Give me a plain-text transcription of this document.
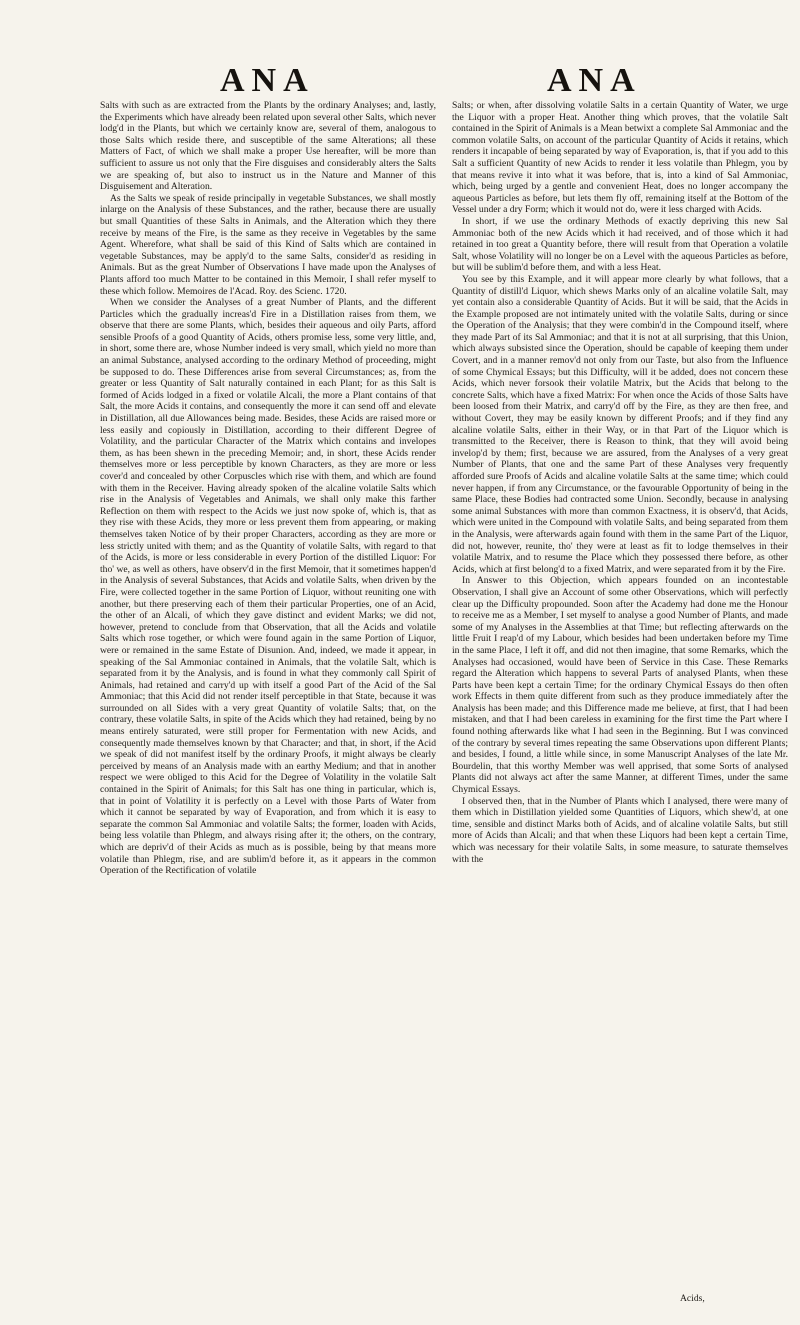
ANA	ANA

Salts with such as are extracted from the Plants by the ordinary Analyses; and, lastly, the Experiments which have already been related upon several other Salts, which never lodg'd in the Plants, but which we certainly know are, several of them, analogous to those Salts which reside there, and susceptible of the same Alterations; all these Matters of Fact, of which we shall make a proper Use hereafter, will be more than sufficient to assure us not only that the Fire disguises and considerably alters the Salts we are speaking of, but also to instruct us in the Nature and Manner of this Disguisement and Alteration.

As the Salts we speak of reside principally in vegetable Substances, we shall mostly inlarge on the Analysis of these Substances, and the rather, because there are usually but small Quantities of these Salts in Animals, and the Alteration which they there receive by means of the Fire, is the same as they receive in Vegetables by the same Agent. Wherefore, what shall be said of this Kind of Salts which are contained in vegetable Substances, may be apply'd to the same Salts, consider'd as residing in Animals. But as the great Number of Observations I have made upon the Analyses of Plants afford too much Matter to be contained in this Memoir, I shall refer myself to these which follow. Memoires de l'Acad. Roy. des Scienc. 1720.

When we consider the Analyses of a great Number of Plants, and the different Particles which the gradually increas'd Fire in a Distillation raises from them, we observe that there are some Plants, which, besides their aqueous and oily Parts, afford sensible Proofs of a good Quantity of Acids, others promise less, some very little, and, in short, some there are, whose Number indeed is very small, which yield no more than an animal Substance, analysed according to the ordinary Method of proceeding, might be supposed to do. These Differences arise from several Circumstances; as, from the greater or less Quantity of Salt naturally contained in each Plant; for as this Salt is formed of Acids lodged in a fixed or volatile Alcali, the more a Plant contains of that Salt, the more Acids it contains, and consequently the more it can send off and elevate in Distillation, all due Allowances being made. Besides, these Acids are raised more or less easily and copiously in Distillation, according to their different Degree of Volatility, and the particular Character of the Matrix which contains and invelopes them, as has been shewn in the preceding Memoir; and, in short, these Acids render themselves more or less perceptible by known Characters, as they are more or less cover'd and concealed by other Corpuscles which rise with them, and which are found with them in the Receiver. Having already spoken of the alcaline volatile Salts which rise in the Analysis of Vegetables and Animals, we shall only make this farther Reflection on them with respect to the Acids we just now spoke of, which is, that as they rise with these Acids, they more or less prevent them from appearing, or making themselves taken Notice of by their proper Characters, according as they are more or less strictly united with them; and as the Quantity of volatile Salts, with regard to that of the Acids, is more or less considerable in every Portion of the distilled Liquor: For tho' we, as well as others, have observ'd in the first Memoir, that it sometimes happen'd in the Analysis of several Substances, that Acids and volatile Salts, when driven by the Fire, were collected together in the same Portion of Liquor, without reuniting one with another, but there preserving each of them their particular Properties, one of an Acid, the other of an Alcali, of which they gave distinct and evident Marks; we did not, however, pretend to conclude from that Observation, that all the Acids and volatile Salts which rose together, or which were found again in the same Portion of Liquor, were or remained in the same Estate of Disunion. And, indeed, we made it appear, in speaking of the Sal Ammoniac contained in Animals, that the volatile Salt, which is separated from it by the Analysis, and is found in what they commonly call Spirit of Animals, had retained and carry'd up with itself a good Part of the Acid of the Sal Ammoniac; that this Acid did not render itself perceptible in that State, because it was surrounded on all Sides with a very great Quantity of volatile Salts; that, on the contrary, these volatile Salts, in spite of the Acids which they had retained, being by no means entirely saturated, were still proper for Fermentation with new Acids, and consequently made themselves known by that Character; and that, in short, if the Acid we speak of did not manifest itself by the ordinary Proofs, it might always be clearly perceived by means of an Analysis made with an earthy Medium; and that in another respect we were obliged to this Acid for the Degree of Volatility in the volatile Salt contained in the Spirit of Animals; for this Salt has one thing in particular, which is, that in point of Volatility it is perfectly on a Level with those Parts of Water from which it cannot be separated by way of Evaporation, and from which it is easy to separate the common Sal Ammoniac and volatile Salts; the former, loaden with Acids, being less volatile than Phlegm, and always rising after it; the others, on the contrary, which are depriv'd of their Acids as much as is possible, being by that means more volatile than Phlegm, rise, and are sublim'd before it, as it appears in the common Operation of the Rectification of volatile

Salts; or when, after dissolving volatile Salts in a certain Quantity of Water, we urge the Liquor with a proper Heat. Another thing which proves, that the volatile Salt contained in the Spirit of Animals is a Mean betwixt a complete Sal Ammoniac and the common volatile Salts, on account of the particular Quantity of Acids it retains, which renders it incapable of being separated by way of Evaporation, is, that if you add to this Salt a sufficient Quantity of new Acids to render it less volatile than Phlegm, you by that means revive it into what it was before, that is, into a kind of Sal Ammoniac, which, being urged by a gentle and convenient Heat, does no longer accompany the aqueous Particles as before, but lets them fly off, remaining itself at the Bottom of the Vessel under a dry Form; which it would not do, were it less charged with Acids.

In short, if we use the ordinary Methods of exactly depriving this new Sal Ammoniac both of the new Acids which it had received, and of those which it had retained in too great a Quantity before, there will result from that Operation a volatile Salt, whose Volatility will no longer be on a Level with the aqueous Particles as before, but will be sublim'd before them, and with a less Heat.

You see by this Example, and it will appear more clearly by what follows, that a Quantity of distill'd Liquor, which shews Marks only of an alcaline volatile Salt, may yet contain also a considerable Quantity of Acids. But it will be said, that the Acids in the Example proposed are not intimately united with the volatile Salts, during or since the Operation of the Analysis; that they were combin'd in the Compound itself, where they made Part of its Sal Ammoniac; and that it is not at all surprising, that this Union, which always subsisted since the Operation, should be capable of keeping them under Covert, and in a manner remov'd not only from our Taste, but also from the Influence of some Chymical Essays; but this Difficulty, will it be added, does not concern these Acids, which never forsook their volatile Matrix, but the Acids that belong to the concrete Salts, which have a fixed Matrix: For when once the Acids of those Salts have been loosed from their Matrix, and carry'd off by the Fire, as they are then free, and without Covert, they may be easily known by different Proofs; and if they find any alcaline volatile Salts, either in their Way, or in that Part of the Liquor which is transmitted to the Receiver, there is Reason to think, that they will avoid being invelop'd by them; first, because we are assured, from the Analyses of a very great Number of Plants, that one and the same Part of these Analyses very frequently afforded sure Proofs of Acids and alcaline volatile Salts at the same time; which could never happen, if from any Circumstance, or the favourable Opportunity of being in the same Place, these Bodies had contracted some Union. Secondly, because in analysing some animal Substances with more than common Exactness, it is observ'd, that Acids, which were united in the Compound with volatile Salts, and being separated from them in the Analysis, were afterwards again found with them in the same Part of the Liquor, did not, however, reunite, tho' they were at least as fit to lodge themselves in their volatile Matrix, and to resume the Place which they possessed there before, as other Acids, which at first belong'd to a fixed Matrix, and were separated from it by the Fire.

In Answer to this Objection, which appears founded on an incontestable Observation, I shall give an Account of some other Observations, which will perfectly clear up the Difficulty propounded. Soon after the Academy had done me the Honour to receive me as a Member, I set myself to analyse a good Number of Plants, and made some of my Analyses in the Assemblies at that Time; but reflecting afterwards on the little Fruit I reap'd of my Labour, which besides had been undertaken before my Time in the same Place, I left it off, and did not then imagine, that some Remarks, which the Analyses had occasioned, would have been of Service in this Case. These Remarks regard the Alteration which happens to several Parts of analysed Plants, when these Parts have been kept a certain Time; for the ordinary Chymical Essays do then often work Effects in them quite different from such as they produce immediately after the Analysis has been made; and this Difference made me believe, at first, that I had been mistaken, and that I had been careless in examining for the first time the Part where I found nothing afterwards like what I had seen in the Beginning. But I was convinced of the contrary by several times repeating the same Observations upon different Plants; and besides, I found, a little while since, in some Manuscript Analyses of the late Mr. Bourdelin, that this worthy Member was well apprised, that some Sorts of analysed Plants did not always act after the same Manner, at different Times, under the same Chymical Essays.

I observed then, that in the Number of Plants which I analysed, there were many of them which in Distillation yielded some Quantities of Liquors, which shew'd, at one time, sensible and distinct Marks both of Acids, and of alcaline volatile Salts, but still more of Acids than Alcali; and that when these Liquors had been kept a certain Time, which was necessary for their volatile Salts, in some measure, to saturate themselves with the

Acids,
